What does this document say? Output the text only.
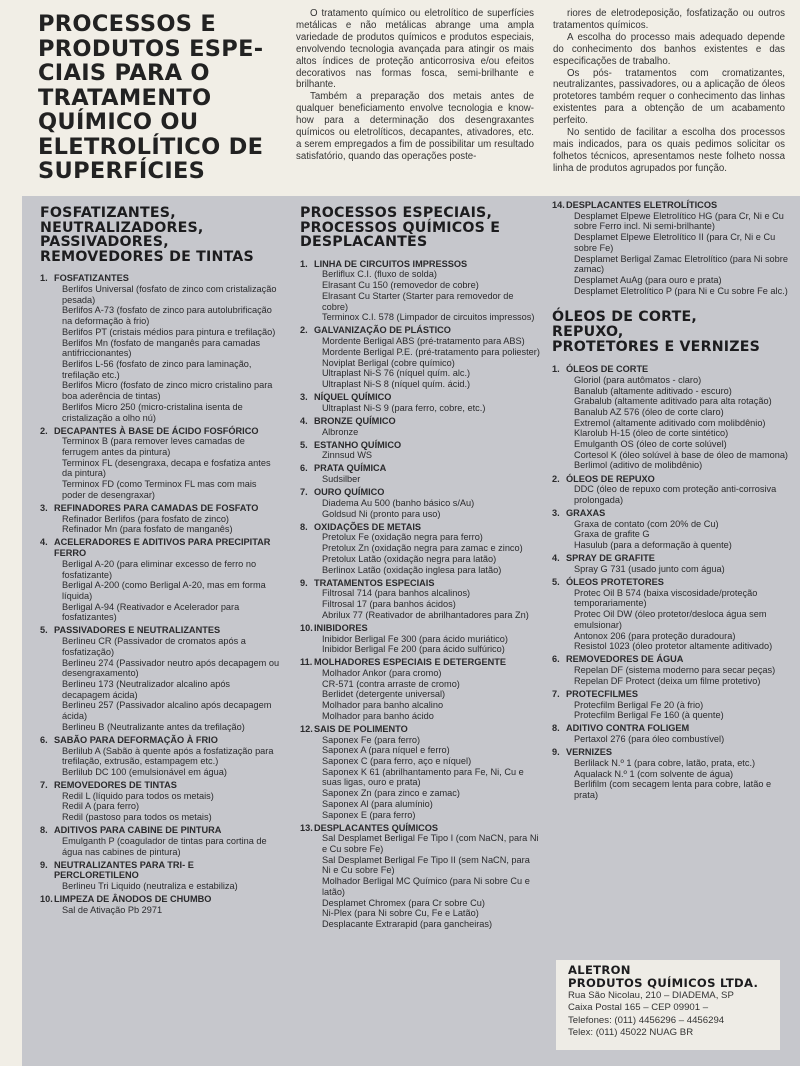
PROCESSOS E
PRODUTOS ESPE-
CIAIS PARA O
TRATAMENTO
QUÍMICO OU
ELETROLÍTICO DE
SUPERFÍCIES

O tratamento químico ou eletrolítico de superfícies metálicas e não metálicas abrange uma ampla variedade de produtos químicos e produtos especiais, envolvendo tecnologia avançada para atingir os mais altos índices de proteção anticorrosiva e/ou efeitos decorativos nas formas fosca, semi-brilhante e brilhante.

Também a preparação dos metais antes de qualquer beneficiamento envolve tecnologia e know-how para a determinação dos desengraxantes químicos ou eletrolíticos, decapantes, ativadores, etc. a serem empregados a fim de possibilitar um resultado satisfatório, quando das operações poste-

riores de eletrodeposição, fosfatização ou outros tratamentos químicos.

A escolha do processo mais adequado depende do conhecimento dos banhos existentes e das especificações de trabalho.

Os pós- tratamentos com cromatizantes, neutralizantes, passivadores, ou a aplicação de óleos protetores também requer o conhecimento das linhas existentes para a obtenção de um acabamento perfeito.

No sentido de facilitar a escolha dos processos mais indicados, para os quais pedimos solicitar os folhetos técnicos, apresentamos neste folheto nossa linha de produtos agrupados por função.

FOSFATIZANTES,
NEUTRALIZADORES,
PASSIVADORES,
REMOVEDORES DE TINTAS
1. FOSFATIZANTES
Berlifos Universal (fosfato de zinco com cristalização pesada)
Berlifos A-73 (fosfato de zinco para autolubrificação na deformação à frio)
Berlifos PT (cristais médios para pintura e trefilação)
Berlifos Mn (fosfato de manganês para camadas antifriccionantes)
Berlifos L-56 (fosfato de zinco para laminação, trefilação etc.)
Berlifos Micro (fosfato de zinco micro cristalino para boa aderência de tintas)
Berlifos Micro 250 (micro-cristalina isenta de cristalização a olho nú)
2. DECAPANTES À BASE DE ÁCIDO FOSFÓRICO
Terminox B (para remover leves camadas de ferrugem antes da pintura)
Terminox FL (desengraxa, decapa e fosfatiza antes da pintura)
Terminox FD (como Terminox FL mas com mais poder de desengraxar)
3. REFINADORES PARA CAMADAS DE FOSFATO
Refinador Berlifos (para fosfato de zinco)
Refinador Mn (para fosfato de manganês)
4. ACELERADORES E ADITIVOS PARA PRECIPITAR FERRO
Berligal A-20 (para eliminar excesso de ferro no fosfatizante)
Berligal A-200 (como Berligal A-20, mas em forma líquida)
Berligal A-94 (Reativador e Acelerador para fosfatizantes)
5. PASSIVADORES E NEUTRALIZANTES
Berlineu CR (Passivador de cromatos após a fosfatização)
Berlineu 274 (Passivador neutro após decapagem ou desengraxamento)
Berlineu 173 (Neutralizador alcalino após decapagem ácida)
Berlineu 257 (Passivador alcalino após decapagem ácida)
Berlineu B (Neutralizante antes da trefilação)
6. SABÃO PARA DEFORMAÇÃO À FRIO
Berlilub A (Sabão à quente após a fosfatização para trefilação, extrusão, estampagem etc.)
Berlilub DC 100 (emulsionável em água)
7. REMOVEDORES DE TINTAS
Redil L (líquido para todos os metais)
Redil A (para ferro)
Redil (pastoso para todos os metais)
8. ADITIVOS PARA CABINE DE PINTURA
Emulganth P (coagulador de tintas para cortina de água nas cabines de pintura)
9. NEUTRALIZANTES PARA TRI- E PERCLORETILENO
Berlineu Tri Liquido (neutraliza e estabiliza)
10. LIMPEZA DE ÂNODOS DE CHUMBO
Sal de Ativação Pb 2971
PROCESSOS ESPECIAIS,
PROCESSOS QUÍMICOS E
DESPLACANTES
1. LINHA DE CIRCUITOS IMPRESSOS
Berliflux C.I. (fluxo de solda)
Elrasant Cu 150 (removedor de cobre)
Elrasant Cu Starter (Starter para removedor de cobre)
Terminox C.I. 578 (Limpador de circuitos impressos)
2. GALVANIZAÇÃO DE PLÁSTICO
Mordente Berligal ABS (pré-tratamento para ABS)
Mordente Berligal P.E. (pré-tratamento para poliester)
Noviplat Berligal (cobre químico)
Ultraplast Ni-S 76 (níquel quím. alc.)
Ultraplast Ni-S 8 (níquel quím. ácid.)
3. NÍQUEL QUÍMICO
Ultraplast Ni-S 9 (para ferro, cobre, etc.)
4. BRONZE QUÍMICO
Albronze
5. ESTANHO QUÍMICO
Zinnsud WS
6. PRATA QUÍMICA
Sudsilber
7. OURO QUÍMICO
Diadema Au 500 (banho básico s/Au)
Goldsud Ni (pronto para uso)
8. OXIDAÇÕES DE METAIS
Pretolux Fe (oxidação negra para ferro)
Pretolux Zn (oxidação negra para zamac e zinco)
Pretolux Latão (oxidação negra para latão)
Berlinox Latão (oxidação inglesa para latão)
9. TRATAMENTOS ESPECIAIS
Filtrosal 714 (para banhos alcalinos)
Filtrosal 17 (para banhos ácidos)
Abrilux 77 (Reativador de abrilhantadores para Zn)
10. INIBIDORES
Inibidor Berligal Fe 300 (para ácido muriático)
Inibidor Berligal Fe 200 (para ácido sulfúrico)
11. MOLHADORES ESPECIAIS E DETERGENTE
Molhador Ankor (para cromo)
CR-571 (contra arraste de cromo)
Berlidet (detergente universal)
Molhador para banho alcalino
Molhador para banho ácido
12. SAIS DE POLIMENTO
Saponex Fe (para ferro)
Saponex A (para níquel e ferro)
Saponex C (para ferro, aço e níquel)
Saponex K 61 (abrilhantamento para Fe, Ni, Cu e suas ligas, ouro e prata)
Saponex Zn (para zinco e zamac)
Saponex Al (para alumínio)
Saponex E (para ferro)
13. DESPLACANTES QUÍMICOS
Sal Desplamet Berligal Fe Tipo I (com NaCN, para Ni e Cu sobre Fe)
Sal Desplamet Berligal Fe Tipo II (sem NaCN, para Ni e Cu sobre Fe)
Molhador Berligal MC Químico (para Ni sobre Cu e latão)
Desplamet Chromex (para Cr sobre Cu)
Ni-Plex (para Ni sobre Cu, Fe e Latão)
Desplacante Extrarapid (para gancheiras)
14. DESPLACANTES ELETROLÍTICOS
Desplamet Elpewe Eletrolítico HG (para Cr, Ni e Cu sobre Ferro incl. Ni semi-brilhante)
Desplamet Elpewe Eletrolítico II (para Cr, Ni e Cu sobre Fe)
Desplamet Berligal Zamac Eletrolítico (para Ni sobre zamac)
Desplamet AuAg (para ouro e prata)
Desplamet Eletrolítico P (para Ni e Cu sobre Fe alc.)
ÓLEOS DE CORTE,
REPUXO,
PROTETORES E VERNIZES
1. ÓLEOS DE CORTE
Gloriol (para autômatos - claro)
Banalub (altamente aditivado - escuro)
Grabalub (altamente aditivado para alta rotação)
Banalub AZ 576 (óleo de corte claro)
Extremol (altamente aditivado com molibdênio)
Klarolub H-15 (óleo de corte sintético)
Emulganth OS (óleo de corte solúvel)
Cortesol K (óleo solúvel à base de óleo de mamona)
Berlimol (aditivo de molibdênio)
2. ÓLEOS DE REPUXO
DDC (óleo de repuxo com proteção anti-corrosiva prolongada)
3. GRAXAS
Graxa de contato (com 20% de Cu)
Graxa de grafite G
Hasulub (para a deformação à quente)
4. SPRAY DE GRAFITE
Spray G 731 (usado junto com água)
5. ÓLEOS PROTETORES
Protec Oil B 574 (baixa viscosidade/proteção temporariamente)
Protec Oil DW (óleo protetor/desloca água sem emulsionar)
Antonox 206 (para proteção duradoura)
Resistol 1023 (óleo protetor altamente aditivado)
6. REMOVEDORES DE ÁGUA
Repelan DF (sistema moderno para secar peças)
Repelan DF Protect (deixa um filme protetivo)
7. PROTECFILMES
Protecfilm Berligal Fe 20 (à frio)
Protecfilm Berligal Fe 160 (à quente)
8. ADITIVO CONTRA FOLIGEM
Pertaxol 276 (para óleo combustível)
9. VERNIZES
Berlilack N.º 1 (para cobre, latão, prata, etc.)
Aqualack N.º 1 (com solvente de água)
Berlifilm (com secagem lenta para cobre, latão e prata)
ALETRON
PRODUTOS QUÍMICOS LTDA.
Rua São Nicolau, 210 – DIADEMA, SP
Caixa Postal 165 – CEP 09901 –
Telefones: (011) 4456296 – 4456294
Telex: (011) 45022 NUAG BR
